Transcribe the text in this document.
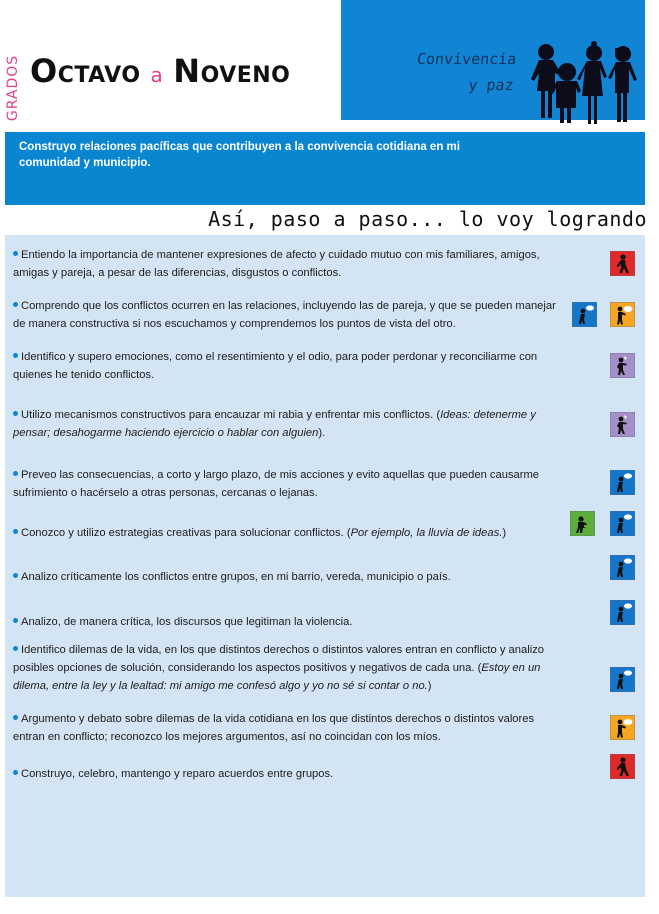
GRADOS OCTAVO a NOVENO
Convivencia
y paz

Construyo relaciones pacíficas que contribuyen a la convivencia cotidiana en mi comunidad y municipio.

Así, paso a paso... lo voy logrando
Entiendo la importancia de mantener expresiones de afecto y cuidado mutuo con mis familiares, amigos, amigas y pareja, a pesar de las diferencias, disgustos o conflictos.
Comprendo que los conflictos ocurren en las relaciones, incluyendo las de pareja, y que se pueden manejar de manera constructiva si nos escuchamos y comprendemos los puntos de vista del otro.
Identifico y supero emociones, como el resentimiento y el odio, para poder perdonar y reconciliarme con quienes he tenido conflictos.
Utilizo mecanismos constructivos para encauzar mi rabia y enfrentar mis conflictos. (Ideas: detenerme y pensar; desahogarme haciendo ejercicio o hablar con alguien).
Preveo las consecuencias, a corto y largo plazo, de mis acciones y evito aquellas que pueden causarme sufrimiento o hacérselo a otras personas, cercanas o lejanas.
Conozco y utilizo estrategias creativas para solucionar conflictos. (Por ejemplo, la lluvia de ideas.)
Analizo críticamente los conflictos entre grupos, en mi barrio, vereda, municipio o país.
Analizo, de manera crítica, los discursos que legitiman la violencia.
Identifico dilemas de la vida, en los que distintos derechos o distintos valores entran en conflicto y analizo posibles opciones de solución, considerando los aspectos positivos y negativos de cada una. (Estoy en un dilema, entre la ley y la lealtad: mi amigo me confesó algo y yo no sé si contar o no.)
Argumento y debato sobre dilemas de la vida cotidiana en los que distintos derechos o distintos valores entran en conflicto; reconozco los mejores argumentos, así no coincidan con los míos.
Construyo, celebro, mantengo y reparo acuerdos entre grupos.
